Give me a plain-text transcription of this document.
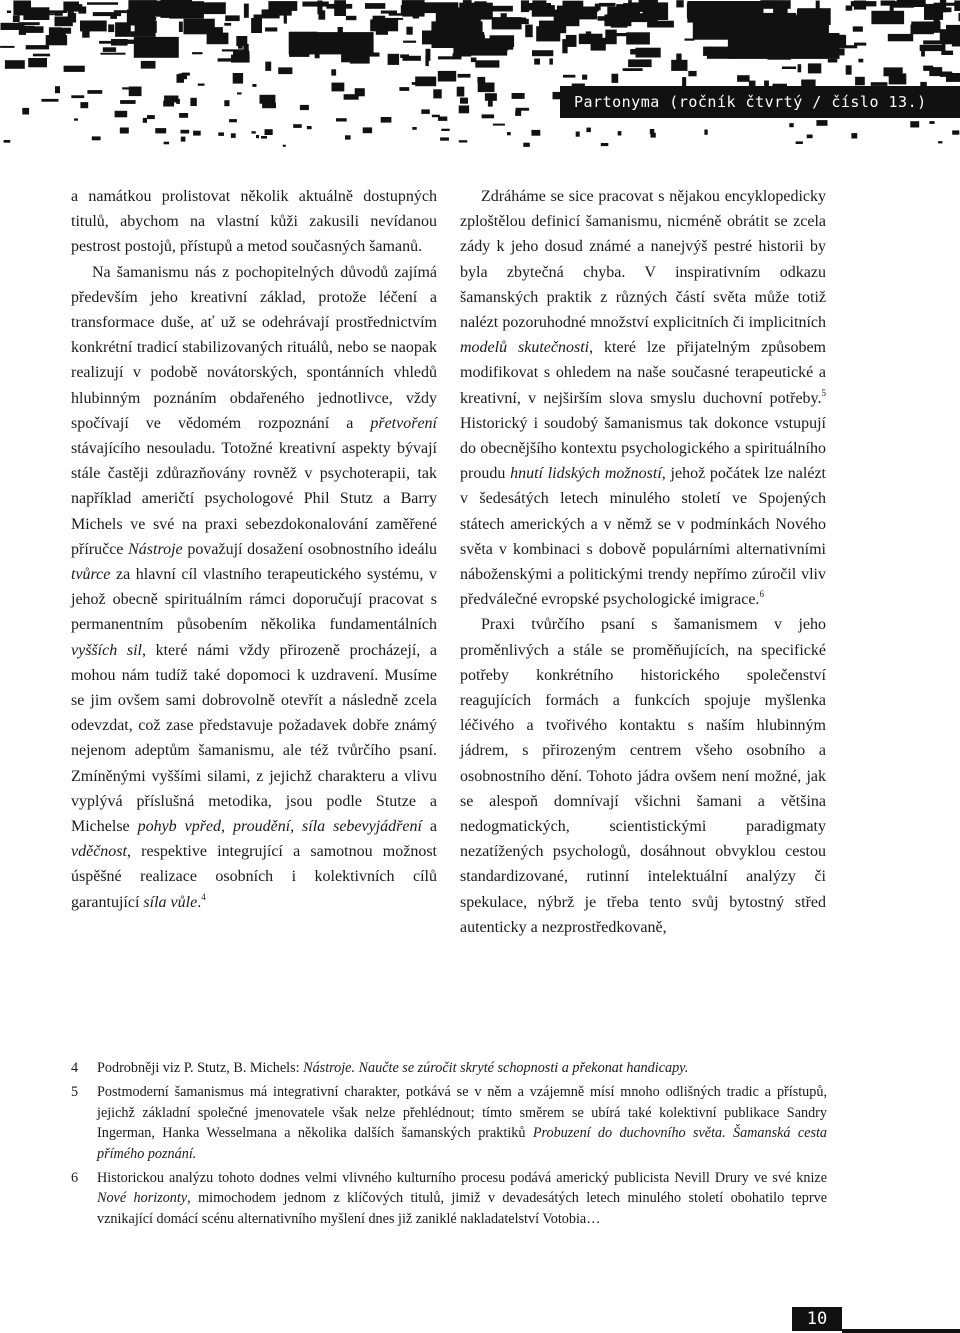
Partonyma (ročník čtvrtý / číslo 13.)

a namátkou prolistovat několik aktuálně dostupných titulů, abychom na vlastní kůži zakusili nevídanou pestrost postojů, přístupů a metod současných šamanů.

Na šamanismu nás z pochopitelných důvodů zajímá především jeho kreativní základ, protože léčení a transformace duše, ať už se odehrávají prostřednictvím konkrétní tradicí stabilizovaných rituálů, nebo se naopak realizují v podobě novátorských, spontánních vhledů hlubinným poznáním obdařeného jednotlivce, vždy spočívají ve vědomém rozpoznání a přetvoření stávajícího nesouladu. Totožné kreativní aspekty bývají stále častěji zdůrazňovány rovněž v psychoterapii, tak například američtí psychologové Phil Stutz a Barry Michels ve své na praxi sebezdokonalování zaměřené příručce Nástroje považují dosažení osobnostního ideálu tvůrce za hlavní cíl vlastního terapeutického systému, v jehož obecně spirituálním rámci doporučují pracovat s permanentním působením několika fundamentálních vyšších sil, které námi vždy přirozeně procházejí, a mohou nám tudíž také dopomoci k uzdravení. Musíme se jim ovšem sami dobrovolně otevřít a následně zcela odevzdat, což zase představuje požadavek dobře známý nejenom adeptům šamanismu, ale též tvůrčího psaní. Zmíněnými vyššími silami, z jejichž charakteru a vlivu vyplývá příslušná metodika, jsou podle Stutze a Michelse pohyb vpřed, proudění, síla sebevyjádření a vděčnost, respektive integrující a samotnou možnost úspěšné realizace osobních i kolektivních cílů garantující síla vůle.$^4$

Zdráháme se sice pracovat s nějakou encyklopedicky zploštělou definicí šamanismu, nicméně obrátit se zcela zády k jeho dosud známé a nanejvýš pestré historii by byla zbytečná chyba. V inspirativním odkazu šamanských praktik z různých částí světa může totiž nalézt pozoruhodné množství explicitních či implicitních modelů skutečnosti, které lze přijatelným způsobem modifikovat s ohledem na naše současné terapeutické a kreativní, v nejširším slova smyslu duchovní potřeby.$^5$ Historický i soudobý šamanismus tak dokonce vstupují do obecnějšího kontextu psychologického a spirituálního proudu hnutí lidských možností, jehož počátek lze nalézt v šedesátých letech minulého století ve Spojených státech amerických a v němž se v podmínkách Nového světa v kombinaci s dobově populárními alternativními náboženskými a politickými trendy nepřímo zúročil vliv předválečné evropské psychologické imigrace.$^6$

Praxi tvůrčího psaní s šamanismem v jeho proměnlivých a stále se proměňujících, na specifické potřeby konkrétního historického společenství reagujících formách a funkcích spojuje myšlenka léčivého a tvořivého kontaktu s naším hlubinným jádrem, s přirozeným centrem všeho osobního a osobnostního dění. Tohoto jádra ovšem není možné, jak se alespoň domnívají všichni šamani a většina nedogmatických, scientistickými paradigmaty nezatížených psychologů, dosáhnout obvyklou cestou standardizované, rutinní intelektuální analýzy či spekulace, nýbrž je třeba tento svůj bytostný střed autenticky a nezprostředkovaně,

4 Podrobněji viz P. Stutz, B. Michels: Nástroje. Naučte se zúročit skryté schopnosti a překonat handicapy.
5 Postmoderní šamanismus má integrativní charakter, potkává se v něm a vzájemně mísí mnoho odlišných tradic a přístupů, jejichž základní společné jmenovatele však nelze přehlédnout; tímto směrem se ubírá také kolektivní publikace Sandry Ingerman, Hanka Wesselmana a několika dalších šamanských praktiků Probuzení do duchovního světa. Šamanská cesta přímého poznání.
6 Historickou analýzu tohoto dodnes velmi vlivného kulturního procesu podává americký publicista Nevill Drury ve své knize Nové horizonty, mimochodem jednom z klíčových titulů, jimiž v devadesátých letech minulého století obohatilo teprve vznikající domácí scénu alternativního myšlení dnes již zaniklé nakladatelství Votobia…
10
